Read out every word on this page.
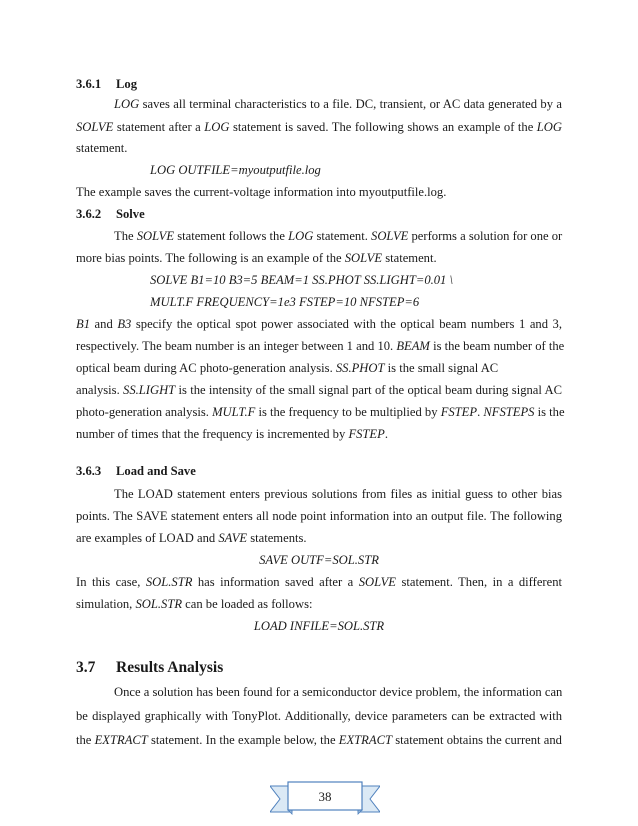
3.6.1 Log
LOG saves all terminal characteristics to a file. DC, transient, or AC data generated by a
SOLVE statement after a LOG statement is saved. The following shows an example of the LOG
statement.
LOG OUTFILE=myoutputfile.log
The example saves the current-voltage information into myoutputfile.log.
3.6.2 Solve
The SOLVE statement follows the LOG statement. SOLVE performs a solution for one or
more bias points. The following is an example of the SOLVE statement.
SOLVE B1=10 B3=5 BEAM=1 SS.PHOT SS.LIGHT=0.01 \
MULT.F FREQUENCY=1e3 FSTEP=10 NFSTEP=6
B1 and B3 specify the optical spot power associated with the optical beam numbers 1 and 3,
respectively. The beam number is an integer between 1 and 10. BEAM is the beam number of the
optical beam during AC photo-generation analysis. SS.PHOT is the small signal AC
analysis. SS.LIGHT is the intensity of the small signal part of the optical beam during signal AC
photo-generation analysis. MULT.F is the frequency to be multiplied by FSTEP. NFSTEPS is the
number of times that the frequency is incremented by FSTEP.
3.6.3 Load and Save
The LOAD statement enters previous solutions from files as initial guess to other bias
points. The SAVE statement enters all node point information into an output file. The following
are examples of LOAD and SAVE statements.
SAVE OUTF=SOL.STR
In this case, SOL.STR has information saved after a SOLVE statement. Then, in a different
simulation, SOL.STR can be loaded as follows:
LOAD INFILE=SOL.STR
3.7 Results Analysis
Once a solution has been found for a semiconductor device problem, the information can
be displayed graphically with TonyPlot. Additionally, device parameters can be extracted with
the EXTRACT statement. In the example below, the EXTRACT statement obtains the current and
38
